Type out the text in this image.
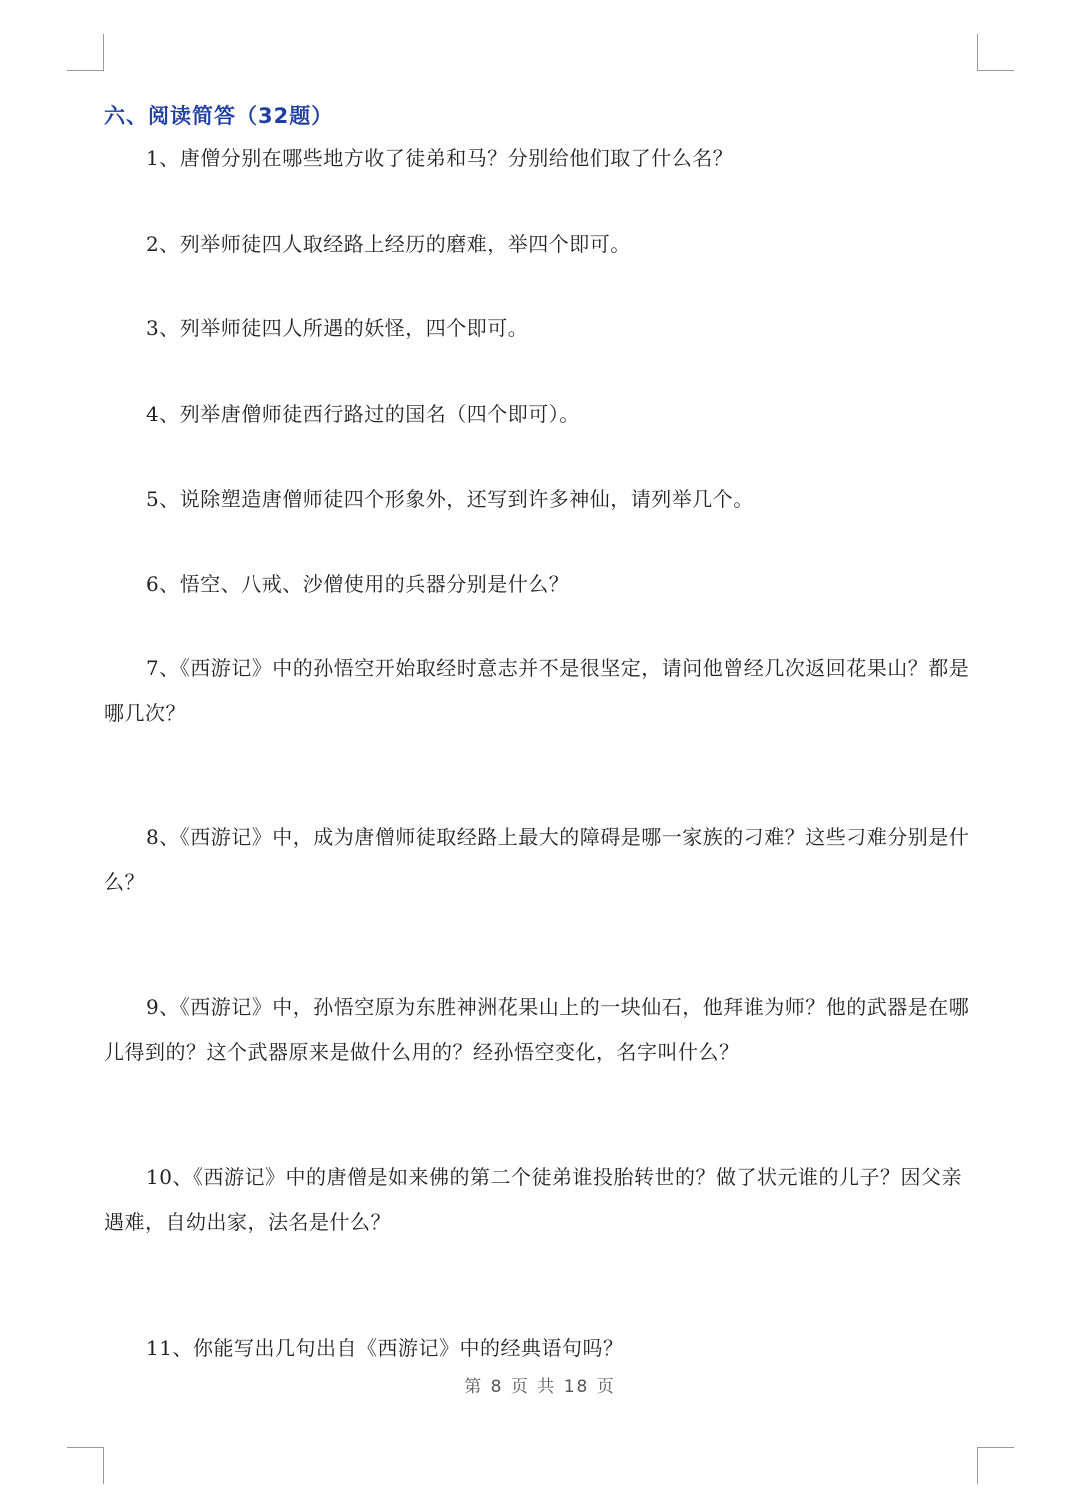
六、阅读简答（32题）

1、唐僧分别在哪些地方收了徒弟和马？分别给他们取了什么名？

2、列举师徒四人取经路上经历的磨难，举四个即可。

3、列举师徒四人所遇的妖怪，四个即可。

4、列举唐僧师徒西行路过的国名（四个即可）。

5、说除塑造唐僧师徒四个形象外，还写到许多神仙，请列举几个。

6、悟空、八戒、沙僧使用的兵器分别是什么？

7、《西游记》中的孙悟空开始取经时意志并不是很坚定，请问他曾经几次返回花果山？都是哪几次？

8、《西游记》中，成为唐僧师徒取经路上最大的障碍是哪一家族的刁难？这些刁难分别是什么？

9、《西游记》中，孙悟空原为东胜神洲花果山上的一块仙石，他拜谁为师？他的武器是在哪儿得到的？这个武器原来是做什么用的？经孙悟空变化，名字叫什么？

10、《西游记》中的唐僧是如来佛的第二个徒弟谁投胎转世的？做了状元谁的儿子？因父亲遇难，自幼出家，法名是什么？

11、你能写出几句出自《西游记》中的经典语句吗？

第 8 页 共 18 页
